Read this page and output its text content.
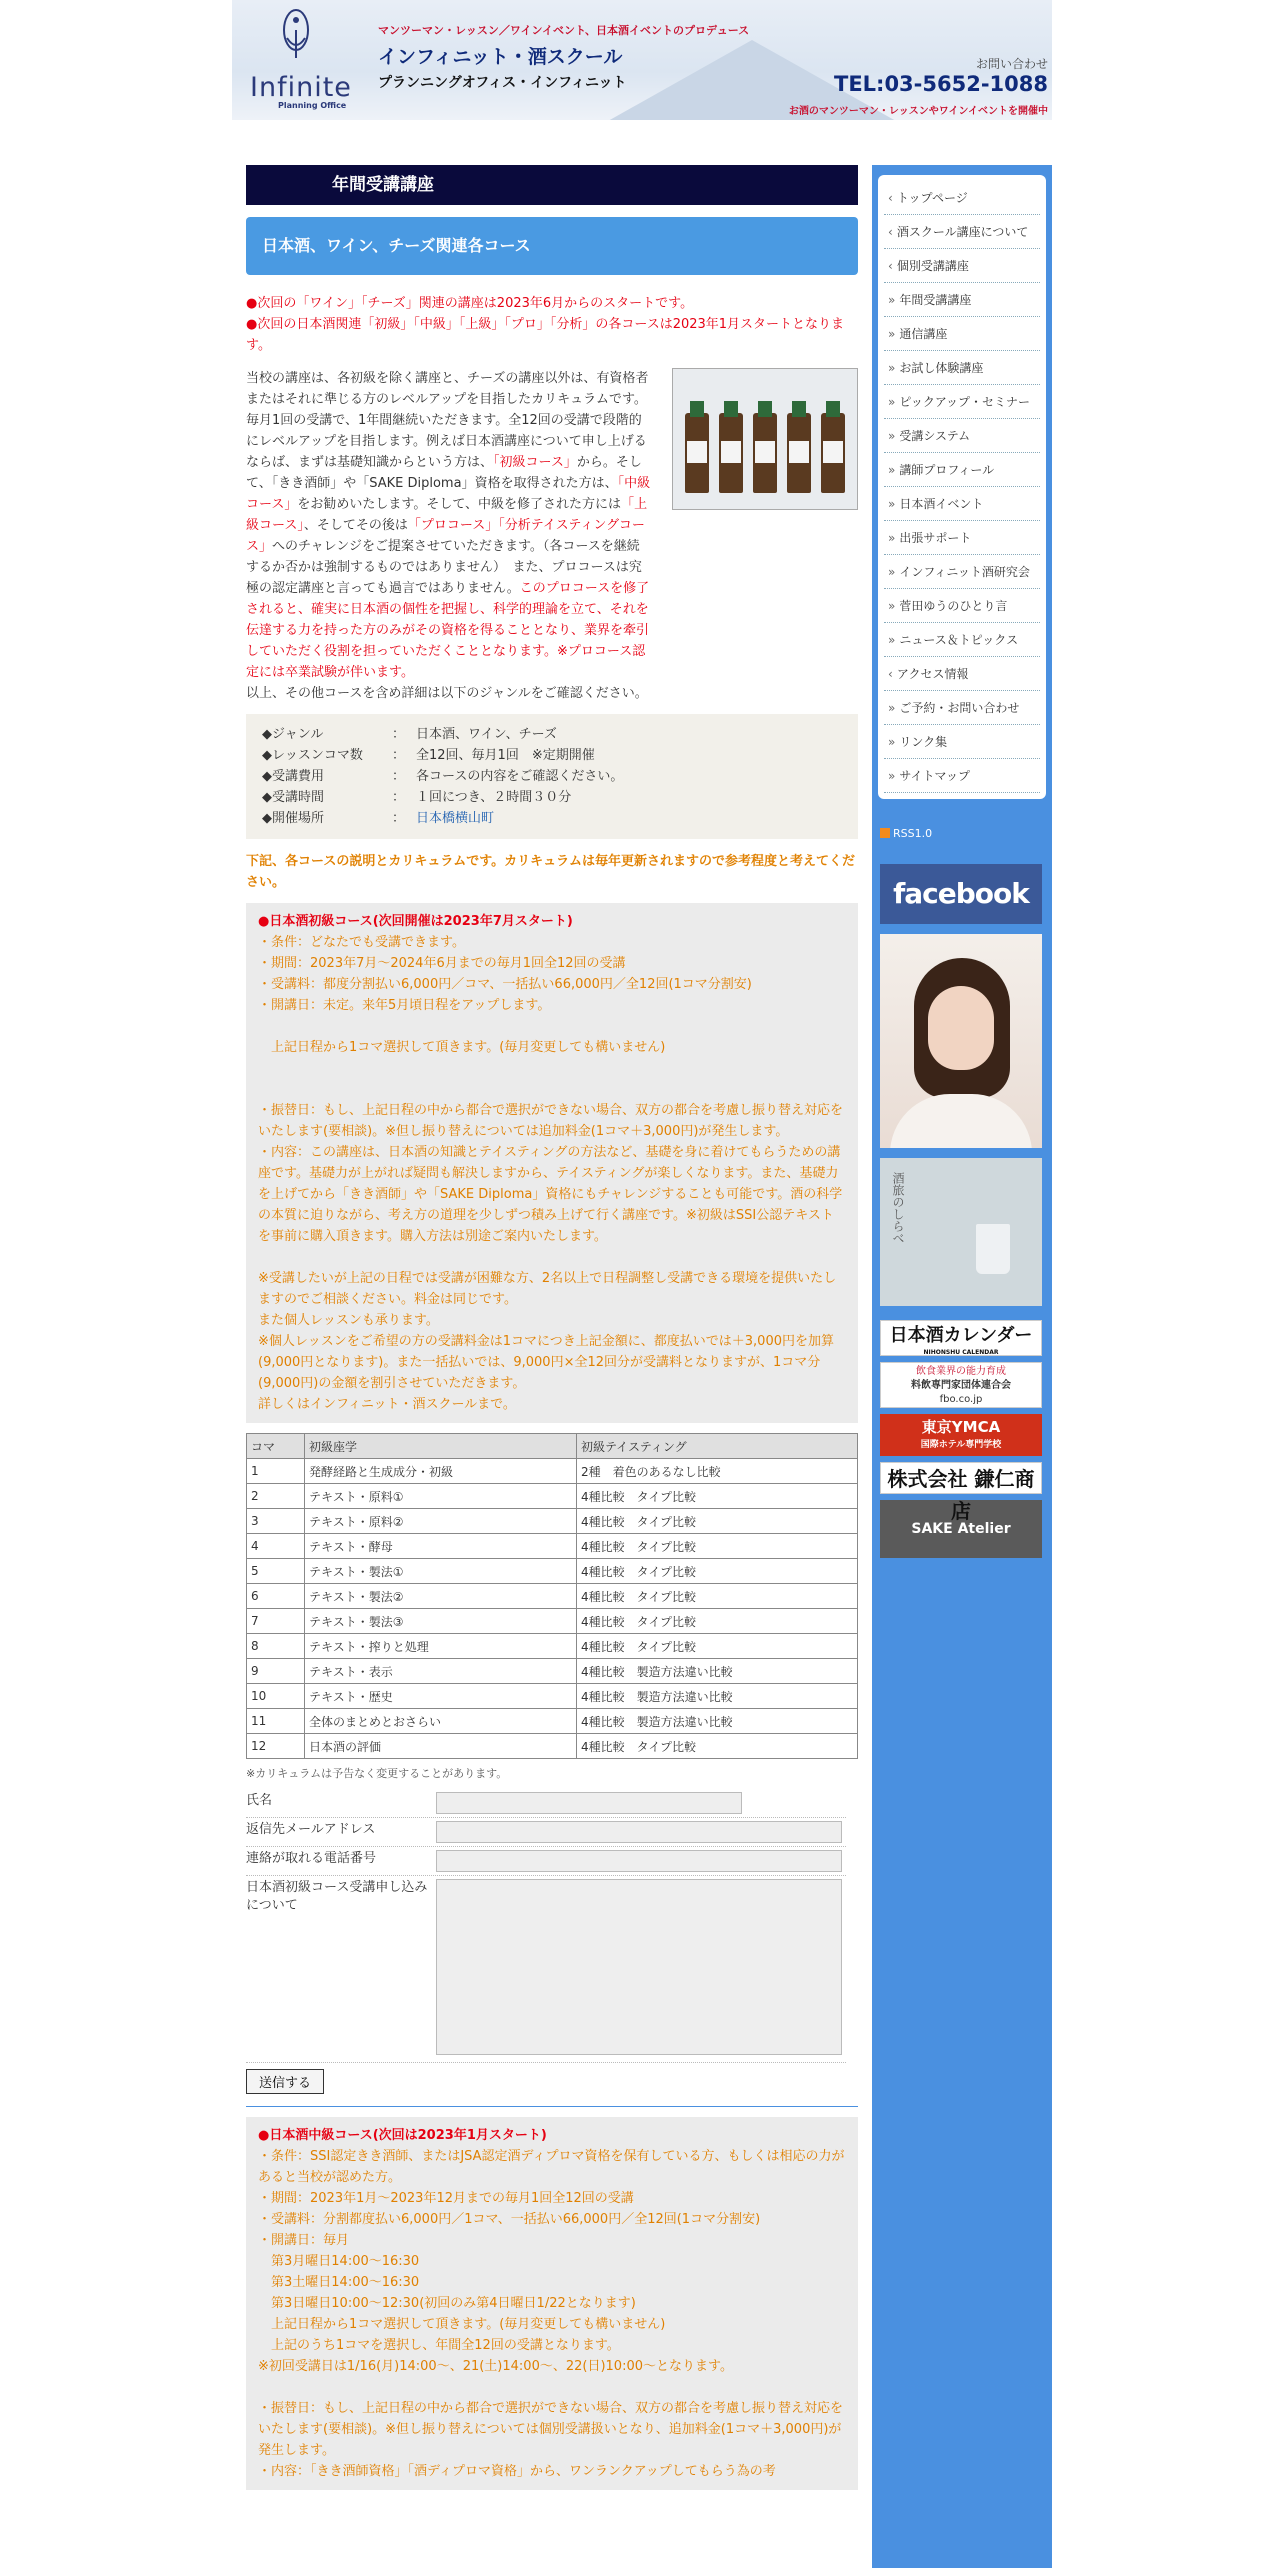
Infinite
Planning Office
マンツーマン・レッスン／ワインイベント、日本酒イベントのプロデュース
インフィニット・酒スクール
プランニングオフィス・インフィニット
お問い合わせ
TEL:03-5652-1088
お酒のマンツーマン・レッスンやワインイベントを開催中
年間受講講座
日本酒、ワイン、チーズ関連各コース
●次回の「ワイン」「チーズ」関連の講座は2023年6月からのスタートです。
●次回の日本酒関連「初級」「中級」「上級」「プロ」「分析」の各コースは2023年1月スタートとなります。
当校の講座は、各初級を除く講座と、チーズの講座以外は、有資格者またはそれに準じる方のレベルアップを目指したカリキュラムです。毎月1回の受講で、1年間継続いただきます。全12回の受講で段階的にレベルアップを目指します。例えば日本酒講座について申し上げるならば、まずは基礎知識からという方は、「初級コース」から。そして、「きき酒師」や「SAKE Diploma」資格を取得された方は、「中級コース」をお勧めいたします。そして、中級を修了された方には「上級コース」、そしてその後は「プロコース」「分析テイスティングコース」へのチャレンジをご提案させていただきます。（各コースを継続するか否かは強制するものではありません）　また、プロコースは究極の認定講座と言っても過言ではありません。このプロコースを修了されると、確実に日本酒の個性を把握し、科学的理論を立て、それを伝達する力を持った方のみがその資格を得ることとなり、業界を牽引していただく役割を担っていただくこととなります。※プロコース認定には卒業試験が伴います。
以上、その他コースを含め詳細は以下のジャンルをご確認ください。
◆ジャンル	： 日本酒、ワイン、チーズ
◆レッスンコマ数	： 全12回、毎月1回　※定期開催
◆受講費用	： 各コースの内容をご確認ください。
◆受講時間	： １回につき、２時間３０分
◆開催場所	： 日本橋横山町
下記、各コースの説明とカリキュラムです。カリキュラムは毎年更新されますので参考程度と考えてください。
●日本酒初級コース(次回開催は2023年7月スタート)
・条件：どなたでも受講できます。
・期間：2023年7月〜2024年6月までの毎月1回全12回の受講
・受講料：都度分割払い6,000円／コマ、一括払い66,000円／全12回(1コマ分割安)
・開講日：未定。来年5月頃日程をアップします。
　上記日程から1コマ選択して頂きます。(毎月変更しても構いません)
・振替日：もし、上記日程の中から都合で選択ができない場合、双方の都合を考慮し振り替え対応をいたします(要相談)。※但し振り替えについては追加料金(1コマ＋3,000円)が発生します。
・内容：この講座は、日本酒の知識とテイスティングの方法など、基礎を身に着けてもらうための講座です。基礎力が上がれば疑問も解決しますから、テイスティングが楽しくなります。また、基礎力を上げてから「きき酒師」や「SAKE Diploma」資格にもチャレンジすることも可能です。酒の科学の本質に迫りながら、考え方の道理を少しずつ積み上げて行く講座です。※初級はSSI公認テキストを事前に購入頂きます。購入方法は別途ご案内いたします。
※受講したいが上記の日程では受講が困難な方、2名以上で日程調整し受講できる環境を提供いたしますのでご相談ください。料金は同じです。
また個人レッスンも承ります。
※個人レッスンをご希望の方の受講料金は1コマにつき上記金額に、都度払いでは＋3,000円を加算(9,000円となります)。また一括払いでは、9,000円×全12回分が受講料となりますが、1コマ分(9,000円)の金額を割引させていただきます。
詳しくはインフィニット・酒スクールまで。
コマ	初級座学	初級テイスティング
1	発酵経路と生成成分・初級	2種　着色のあるなし比較
2	テキスト・原料①	4種比較　タイプ比較
3	テキスト・原料②	4種比較　タイプ比較
4	テキスト・酵母	4種比較　タイプ比較
5	テキスト・製法①	4種比較　タイプ比較
6	テキスト・製法②	4種比較　タイプ比較
7	テキスト・製法③	4種比較　タイプ比較
8	テキスト・搾りと処理	4種比較　タイプ比較
9	テキスト・表示	4種比較　製造方法違い比較
10	テキスト・歴史	4種比較　製造方法違い比較
11	全体のまとめとおさらい	4種比較　製造方法違い比較
12	日本酒の評価	4種比較　タイプ比較
※カリキュラムは予告なく変更することがあります。
氏名
返信先メールアドレス
連絡が取れる電話番号
日本酒初級コース受講申し込みについて
送信する
●日本酒中級コース(次回は2023年1月スタート)
・条件：SSI認定きき酒師、またはJSA認定酒ディプロマ資格を保有している方、もしくは相応の力があると当校が認めた方。
・期間：2023年1月〜2023年12月までの毎月1回全12回の受講
・受講料：分割都度払い6,000円／1コマ、一括払い66,000円／全12回(1コマ分割安)
・開講日：毎月
　第3月曜日14:00～16:30
　第3土曜日14:00～16:30
　第3日曜日10:00～12:30(初回のみ第4日曜日1/22となります)
　上記日程から1コマ選択して頂きます。(毎月変更しても構いません)
　上記のうち1コマを選択し、年間全12回の受講となります。
※初回受講日は1/16(月)14:00～、21(土)14:00～、22(日)10:00～となります。
・振替日：もし、上記日程の中から都合で選択ができない場合、双方の都合を考慮し振り替え対応をいたします(要相談)。※但し振り替えについては個別受講扱いとなり、追加料金(1コマ＋3,000円)が発生します。
・内容：「きき酒師資格」「酒ディプロマ資格」から、ワンランクアップしてもらう為の考
‹ トップページ
‹ 酒スクール講座について
‹ 個別受講講座
» 年間受講講座
» 通信講座
» お試し体験講座
» ピックアップ・セミナー
» 受講システム
» 講師プロフィール
» 日本酒イベント
» 出張サポート
» インフィニット酒研究会
» 菅田ゆうのひとり言
» ニュース＆トピックス
‹ アクセス情報
» ご予約・お問い合わせ
» リンク集
» サイトマップ
RSS1.0
facebook
酒旅のしらべ
日本酒カレンダー
NIHONSHU CALENDAR
飲食業界の能力育成
料飲専門家団体連合会
fbo.co.jp
東京YMCA
国際ホテル専門学校
株式会社 鎌仁商
SAKE Atelier
